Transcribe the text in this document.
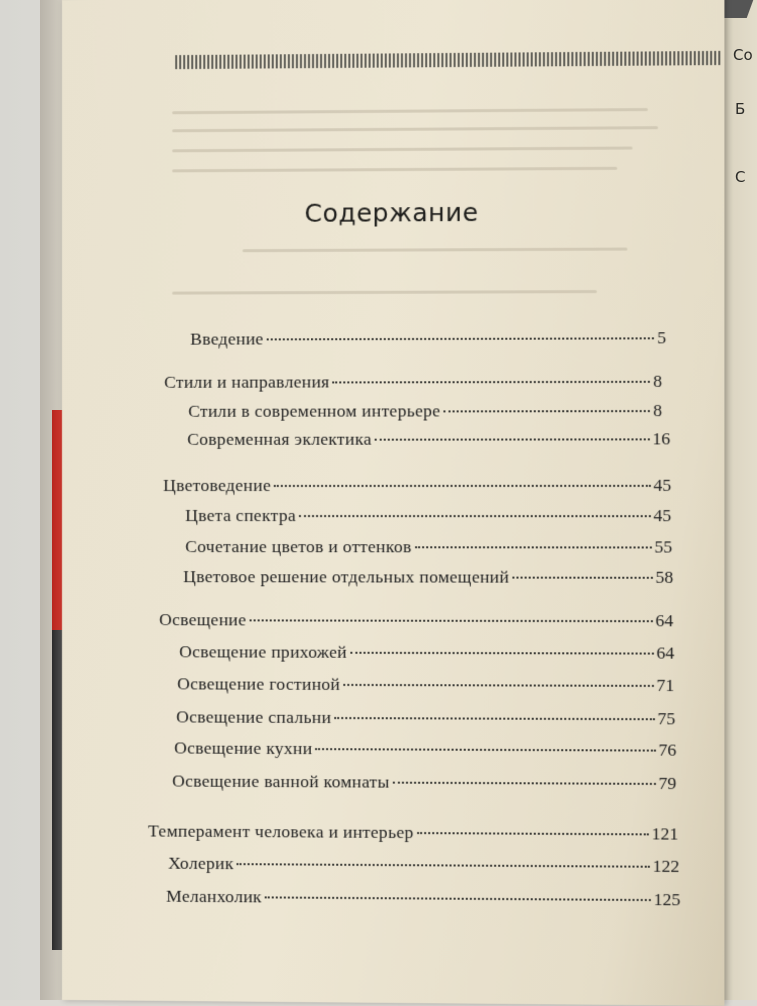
Со
Б
С
Содержание
Введение	5
Стили и направления	8
Стили в современном интерьере	8
Современная эклектика	16
Цветоведение	45
Цвета спектра	45
Сочетание цветов и оттенков	55
Цветовое решение отдельных помещений	58
Освещение	64
Освещение прихожей	64
Освещение гостиной	71
Освещение спальни	75
Освещение кухни	76
Освещение ванной комнаты	79
Темперамент человека и интерьер	121
Холерик	122
Меланхолик	125
